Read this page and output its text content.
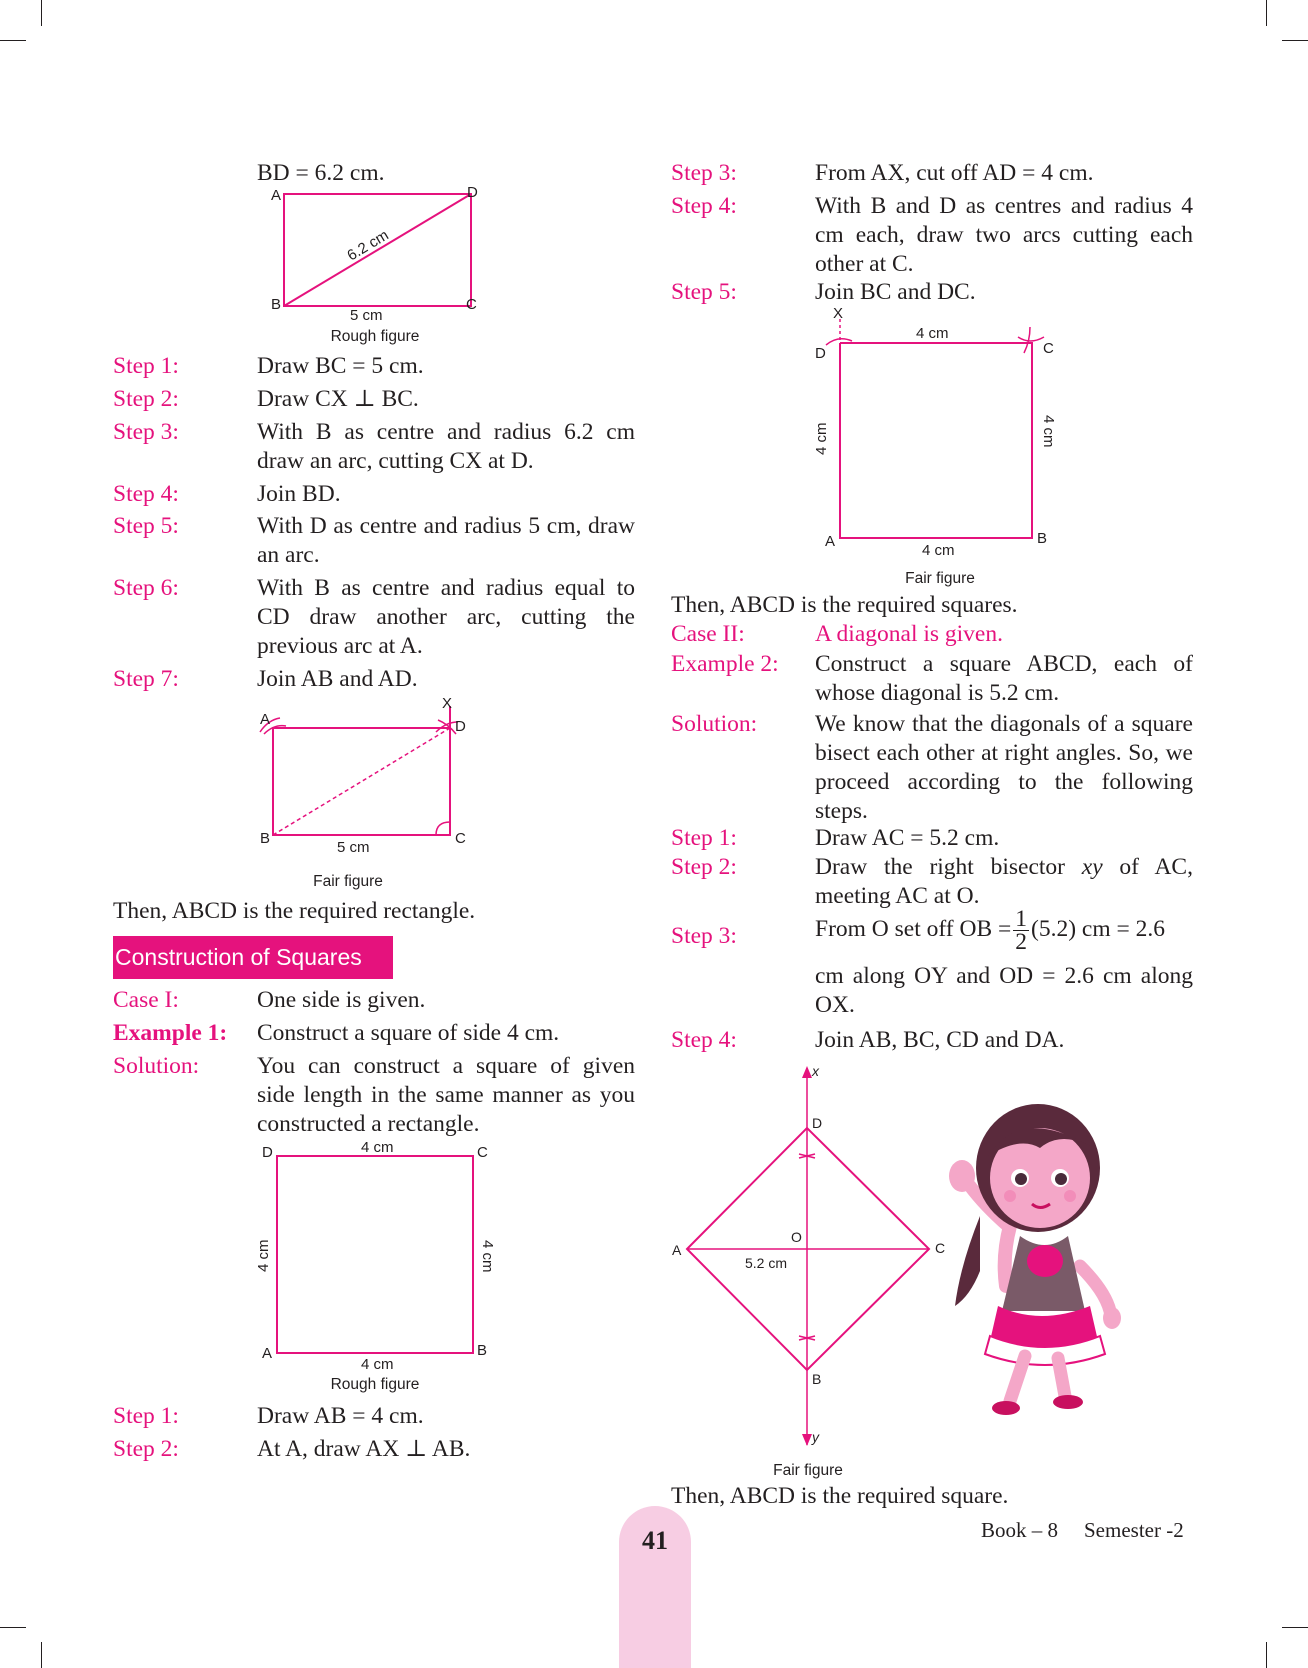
BD = 6.2 cm.
A	D
B	C
6.2 cm
5 cm
Rough figure
Step 1:	Draw BC = 5 cm.
Step 2:	Draw CX ⊥ BC.
Step 3:	With B as centre and radius 6.2 cm draw an arc, cutting CX at D.
Step 4:	Join BD.
Step 5:	With D as centre and radius 5 cm, draw an arc.
Step 6:	With B as centre and radius equal to CD draw another arc, cutting the previous arc at A.
Step 7:	Join AB and AD.
X
A	D
B	C
5 cm
Fair figure
Then, ABCD is the required rectangle.
Construction of Squares
Case I:	One side is given.
Example 1: Construct a square of side 4 cm.
Solution: You can construct a square of given side length in the same manner as you constructed a rectangle.
4 cm
D	C
A	B
4 cm
4 cm	4 cm
Rough figure
Step 1:	Draw AB = 4 cm.
Step 2:	At A, draw AX ⊥ AB.
Step 3:	From AX, cut off AD = 4 cm.
Step 4:	With B and D as centres and radius 4 cm each, draw two arcs cutting each other at C.
Step 5:	Join BC and DC.
X
4 cm
D	C
4 cm	4 cm
A	B
4 cm
Fair figure
Then, ABCD is the required squares.
Case II:	A diagonal is given.
Example 2: Construct a square ABCD, each of whose diagonal is 5.2 cm.
Solution: We know that the diagonals of a square bisect each other at right angles. So, we proceed according to the following steps.
Step 1:	Draw AC = 5.2 cm.
Step 2:	Draw the right bisector xy of AC, meeting AC at O.
Step 3:	From O set off OB = $\frac{1}{2} (5.2)$ cm = 2.6
cm along OY and OD = 2.6 cm along OX.
Step 4:	Join AB, BC, CD and DA.
x
y
D
A	C
O
5.2 cm
B
Fair figure
Then, ABCD is the required square.
41	Book – 8 Semester -2
